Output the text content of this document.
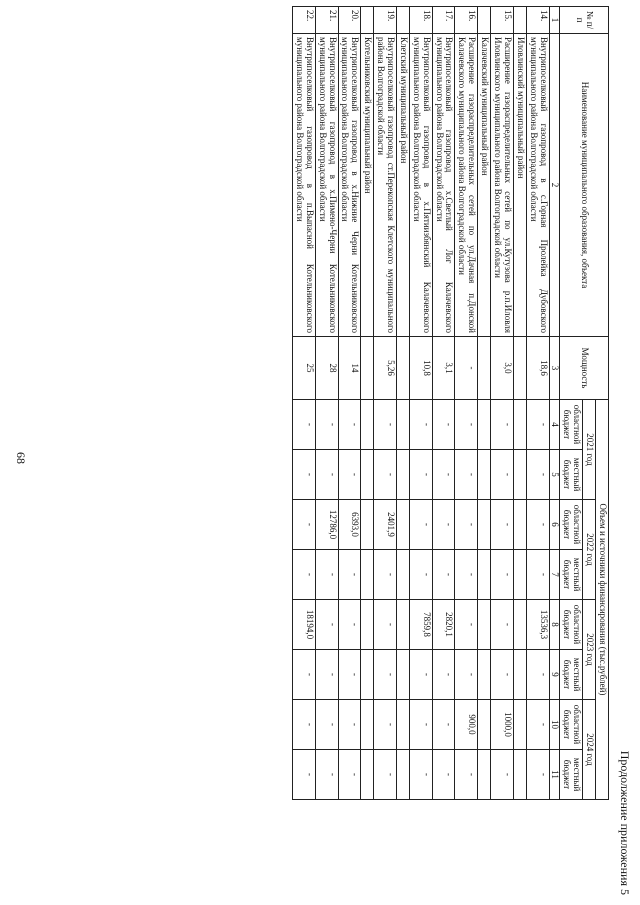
68
Продолжение приложения 5
№ п/п	Наименование муниципального образования, объекта	Мощность	Объем и источники финансирования (тыс.рублей)							
			2021 год		2022 год		2023 год		2024 год	
			областной бюджет	местный бюджет	областной бюджет	местный бюджет	областной бюджет	местный бюджет	областной бюджет	местный бюджет
1	2	3	4	5	6	7	8	9	10	11
14.	Внутрипоселковый газопровод в с.Горная Пролейка Дубовского муниципального района Волгоградской области	18,6	-	-	-	-	13536,3	-	-	-
	Иловлинский муниципальный район									
15.	Расширение газораспределительных сетей по ул.Кутузова р.п.Иловля Иловлинского муниципального района Волгоградской области	3,0	-	-	-	-	-	-	1000,0	-
	Калачевский муниципальный район									
16.	Расширение газораспределительных сетей по ул.Дачная п.Донской Калачевского муниципального района Волгоградской области	-	-	-	-	-	-	-	900,0	-
17.	Внутрипоселковый газопровод х.Светлый Лог Калачевского муниципального района Волгоградской области	3,1	-	-	-	-	2820,1	-	-	-
18.	Внутрипоселковый газопровод в х.Пятиизбянский Калачевского муниципального района Волгоградской области	10,8	-	-	-	-	7859,8	-	-	-
	Клетский муниципальный район									
19.	Внутрипоселковый газопровод ст.Перекопская Клетского муниципального района Волгоградской области	5,26	-	-	2401,9	-	-	-	-	-
	Котельниковский муниципальный район									
20.	Внутрипоселковый газопровод в х.Нижние Черни Котельниковского муниципального района Волгоградской области	14	-	-	6393,0	-	-	-	-	-
21.	Внутрипоселковый газопровод в х.Пимено-Черни Котельниковского муниципального района Волгоградской области	28	-	-	12786,0	-	-	-	-	-
22.	Внутрипоселковый газопровод в п.Выпасной Котельниковского муниципального района Волгоградской области	25	-	-	-	-	18194,0	-	-	-
